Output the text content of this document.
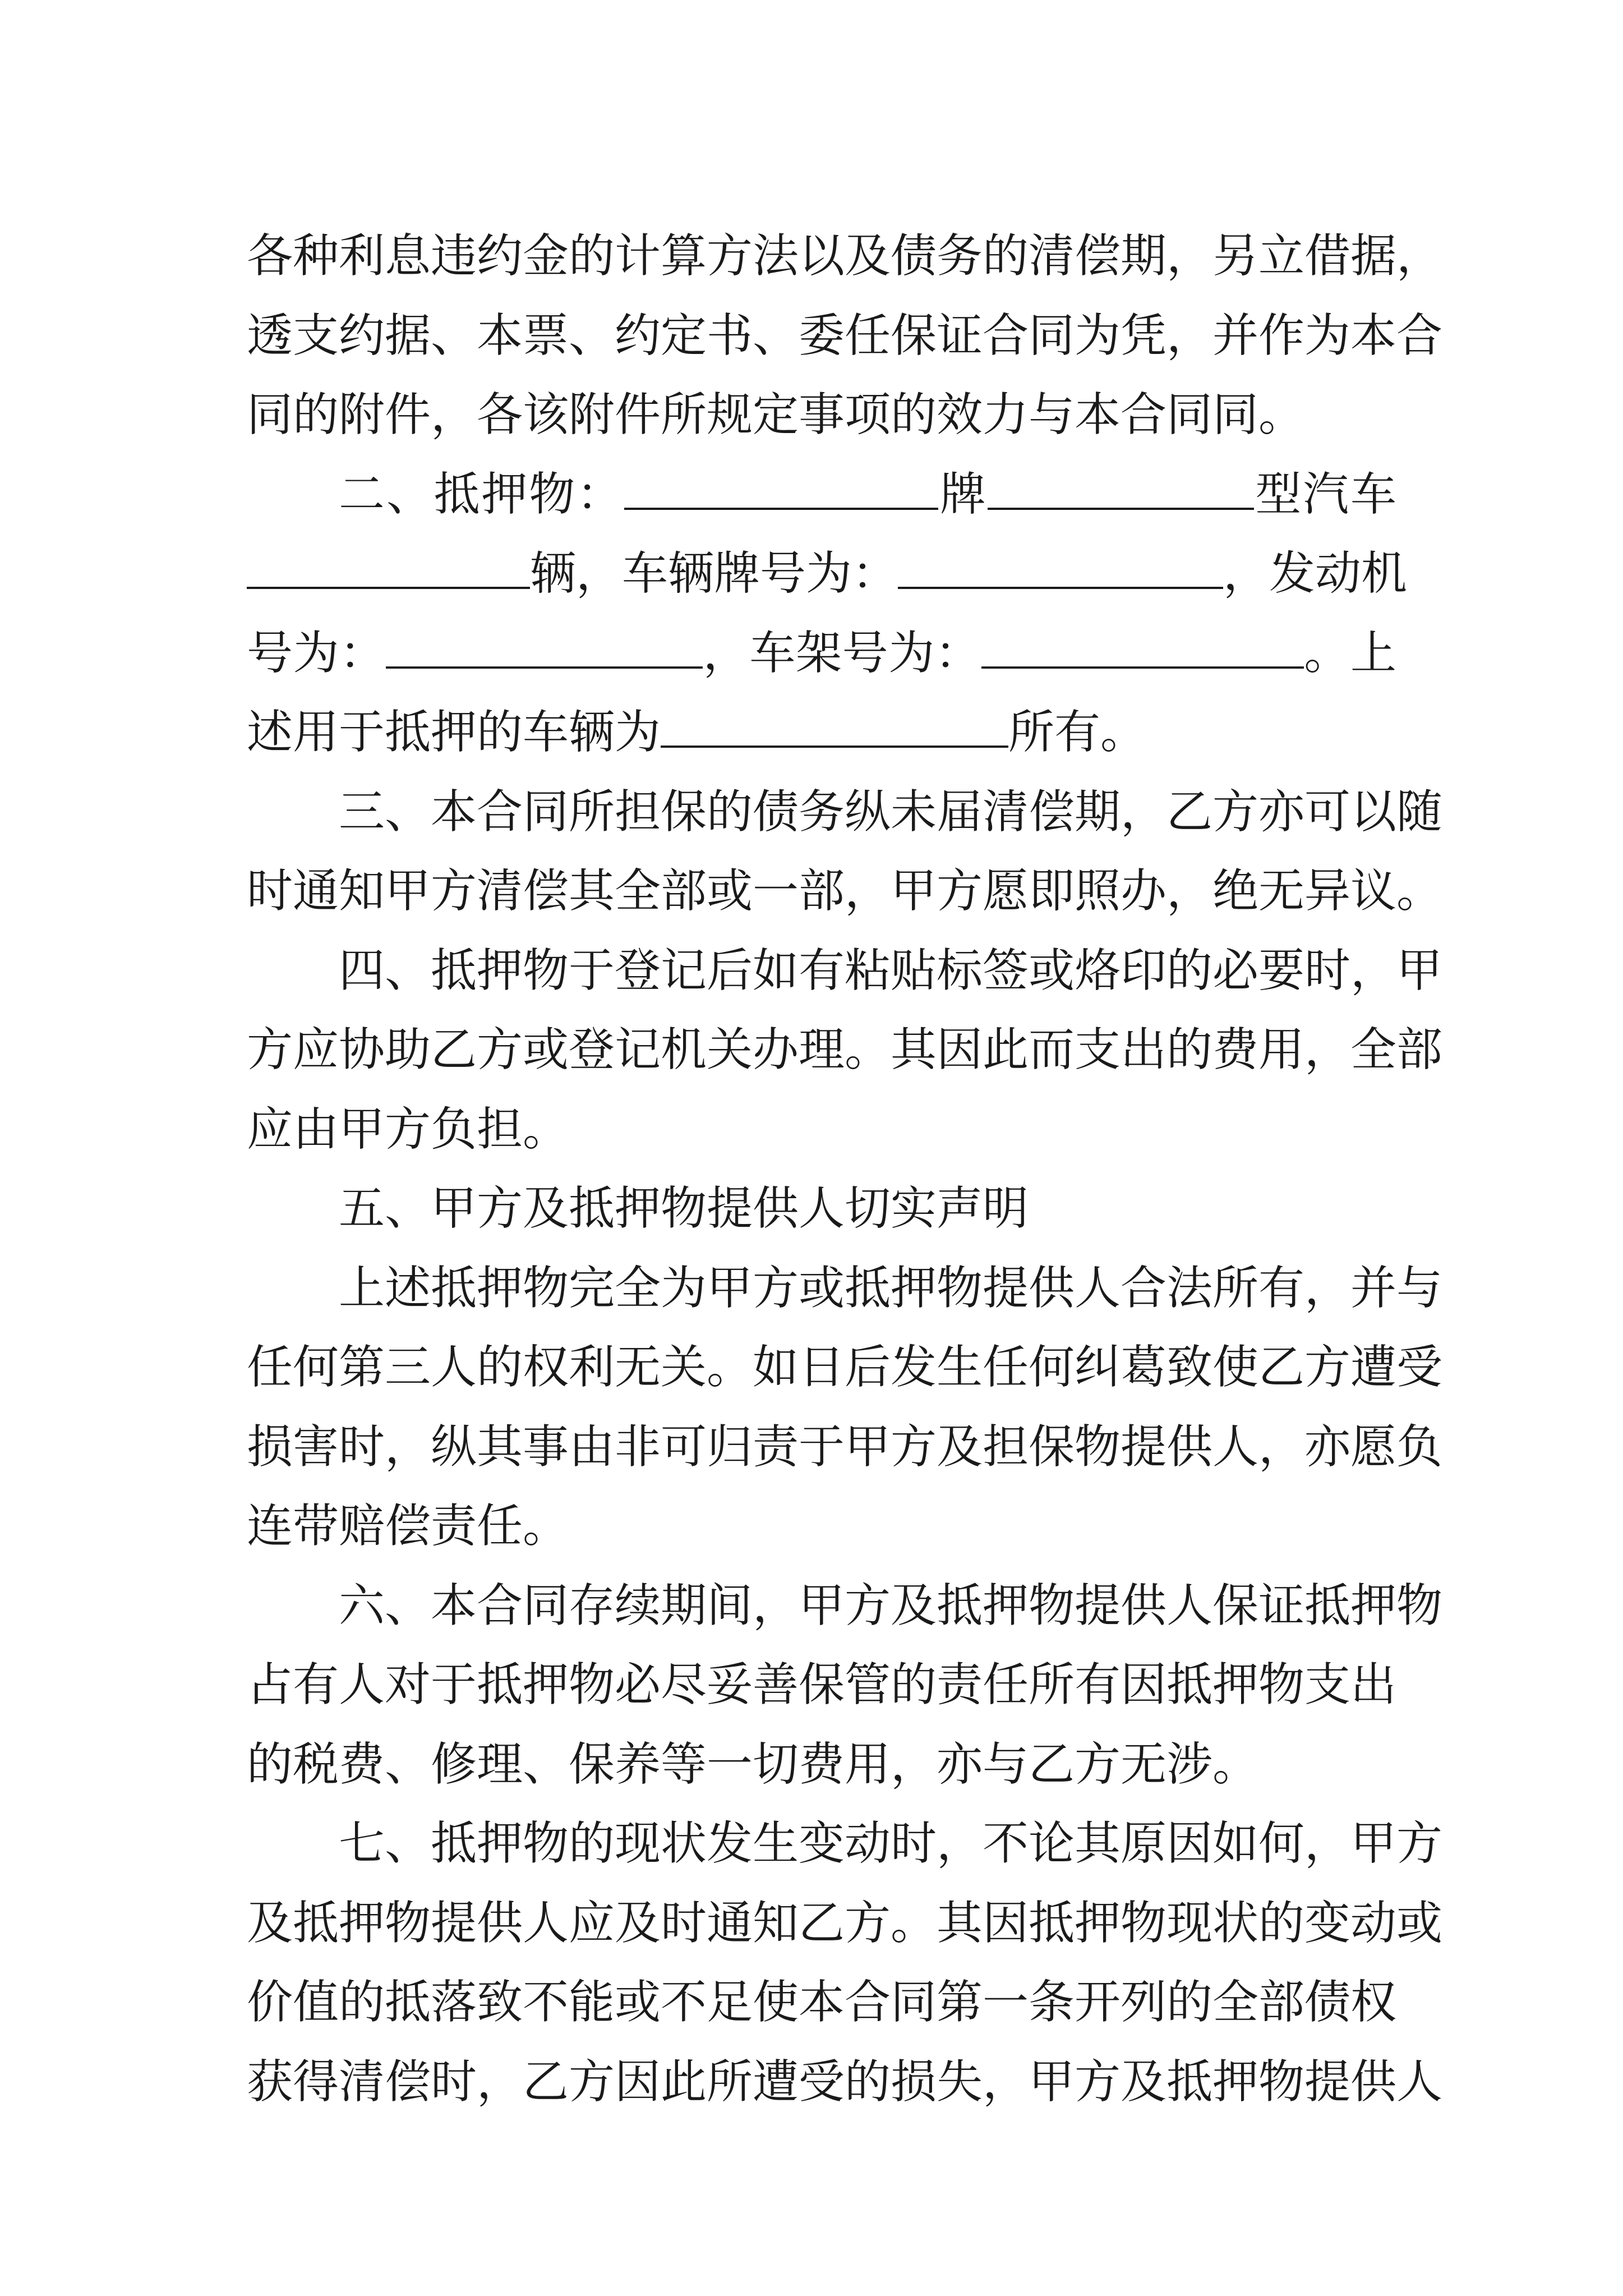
各种利息违约金的计算方法以及债务的清偿期，另立借据，
透支约据、本票、约定书、委任保证合同为凭，并作为本合
同的附件，各该附件所规定事项的效力与本合同同。
二、抵押物：	牌	型汽车
辆，车辆牌号为：	，发动机
号为：	，车架号为：	。上
述用于抵押的车辆为	所有。
三、本合同所担保的债务纵未届清偿期，乙方亦可以随
时通知甲方清偿其全部或一部，甲方愿即照办，绝无异议。
四、抵押物于登记后如有粘贴标签或烙印的必要时，甲
方应协助乙方或登记机关办理。其因此而支出的费用，全部
应由甲方负担。
五、甲方及抵押物提供人切实声明
上述抵押物完全为甲方或抵押物提供人合法所有，并与
任何第三人的权利无关。如日后发生任何纠葛致使乙方遭受
损害时，纵其事由非可归责于甲方及担保物提供人，亦愿负
连带赔偿责任。
六、本合同存续期间，甲方及抵押物提供人保证抵押物
占有人对于抵押物必尽妥善保管的责任所有因抵押物支出
的税费、修理、保养等一切费用，亦与乙方无涉。
七、抵押物的现状发生变动时，不论其原因如何，甲方
及抵押物提供人应及时通知乙方。其因抵押物现状的变动或
价值的抵落致不能或不足使本合同第一条开列的全部债权
获得清偿时，乙方因此所遭受的损失，甲方及抵押物提供人
